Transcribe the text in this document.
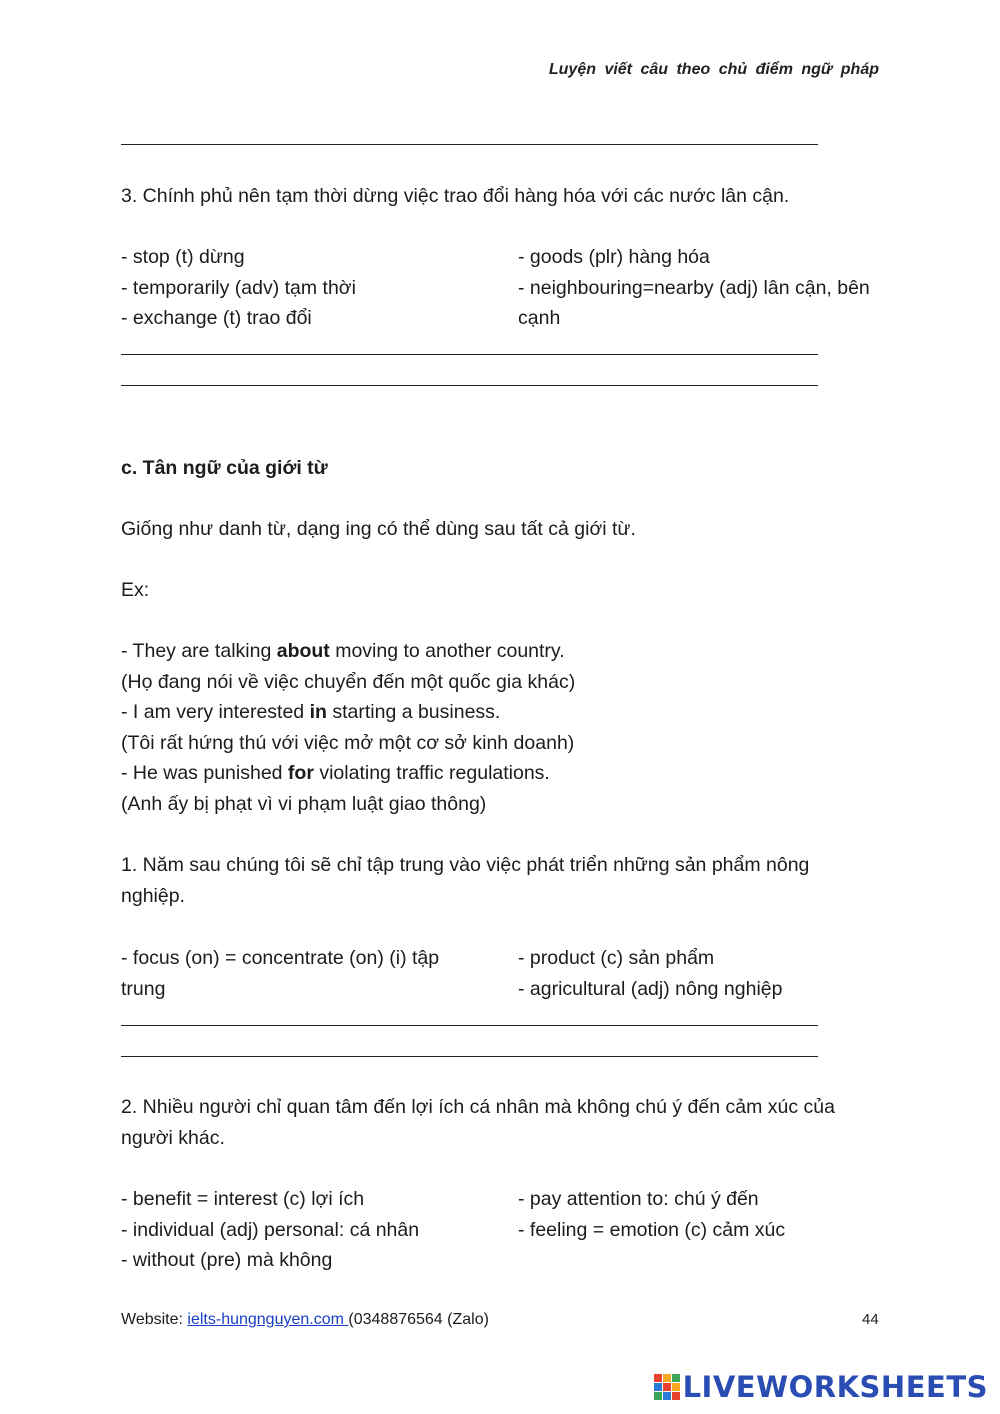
Luyện viết câu theo chủ điểm ngữ pháp
3. Chính phủ nên tạm thời dừng việc trao đổi hàng hóa với các nước lân cận.
- stop (t) dừng
- temporarily (adv) tạm thời
- exchange (t) trao đổi
- goods (plr) hàng hóa
- neighbouring=nearby (adj) lân cận, bên
cạnh
c. Tân ngữ của giới từ
Giống như danh từ, dạng ing có thể dùng sau tất cả giới từ.
Ex:
- They are talking about moving to another country.
(Họ đang nói về việc chuyển đến một quốc gia khác)
- I am very interested in starting a business.
(Tôi rất hứng thú với việc mở một cơ sở kinh doanh)
- He was punished for violating traffic regulations.
(Anh ấy bị phạt vì vi phạm luật giao thông)
1. Năm sau chúng tôi sẽ chỉ tập trung vào việc phát triển những sản phẩm nông
nghiệp.
- focus (on) = concentrate (on) (i) tập
trung
- product (c) sản phẩm
- agricultural (adj) nông nghiệp
2. Nhiều người chỉ quan tâm đến lợi ích cá nhân mà không chú ý đến cảm xúc của
người khác.
- benefit = interest (c) lợi ích
- individual (adj) personal: cá nhân
- without (pre) mà không
- pay attention to: chú ý đến
- feeling = emotion (c) cảm xúc
Website: ielts-hungnguyen.com (0348876564 (Zalo)	44
LIVEWORKSHEETS
